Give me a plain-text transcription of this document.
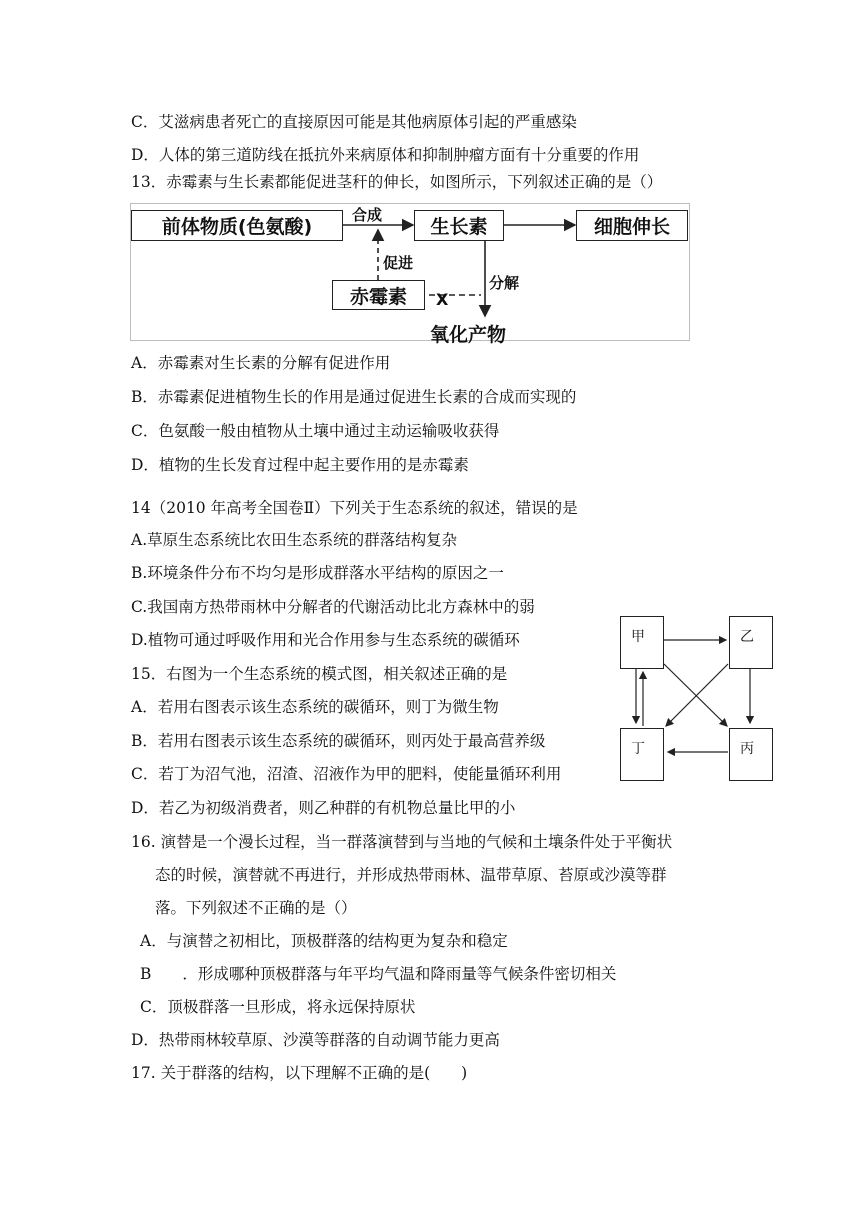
C．艾滋病患者死亡的直接原因可能是其他病原体引起的严重感染
D．人体的第三道防线在抵抗外来病原体和抑制肿瘤方面有十分重要的作用
13．赤霉素与生长素都能促进茎秆的伸长，如图所示，下列叙述正确的是（）
前体物质(色氨酸)	生长素	细胞伸长
赤霉素
合成
促进
分解
X
氧化产物
A．赤霉素对生长素的分解有促进作用
B．赤霉素促进植物生长的作用是通过促进生长素的合成而实现的
C．色氨酸一般由植物从土壤中通过主动运输吸收获得
D．植物的生长发育过程中起主要作用的是赤霉素
14（2010 年高考全国卷Ⅱ）下列关于生态系统的叙述，错误的是
A.草原生态系统比农田生态系统的群落结构复杂
B.环境条件分布不均匀是形成群落水平结构的原因之一
C.我国南方热带雨林中分解者的代谢活动比北方森林中的弱
D.植物可通过呼吸作用和光合作用参与生态系统的碳循环
15．右图为一个生态系统的模式图，相关叙述正确的是
A．若用右图表示该生态系统的碳循环，则丁为微生物
B．若用右图表示该生态系统的碳循环，则丙处于最高营养级
C．若丁为沼气池，沼渣、沼液作为甲的肥料，使能量循环利用
D．若乙为初级消费者，则乙种群的有机物总量比甲的小
甲	乙
丁	丙
16. 演替是一个漫长过程，当一群落演替到与当地的气候和土壤条件处于平衡状
态的时候，演替就不再进行，并形成热带雨林、温带草原、苔原或沙漠等群
落。下列叙述不正确的是（）
A．与演替之初相比，顶极群落的结构更为复杂和稳定
B　　．形成哪种顶极群落与年平均气温和降雨量等气候条件密切相关
C．顶极群落一旦形成，将永远保持原状
D．热带雨林较草原、沙漠等群落的自动调节能力更高
17. 关于群落的结构，以下理解不正确的是(　　)
